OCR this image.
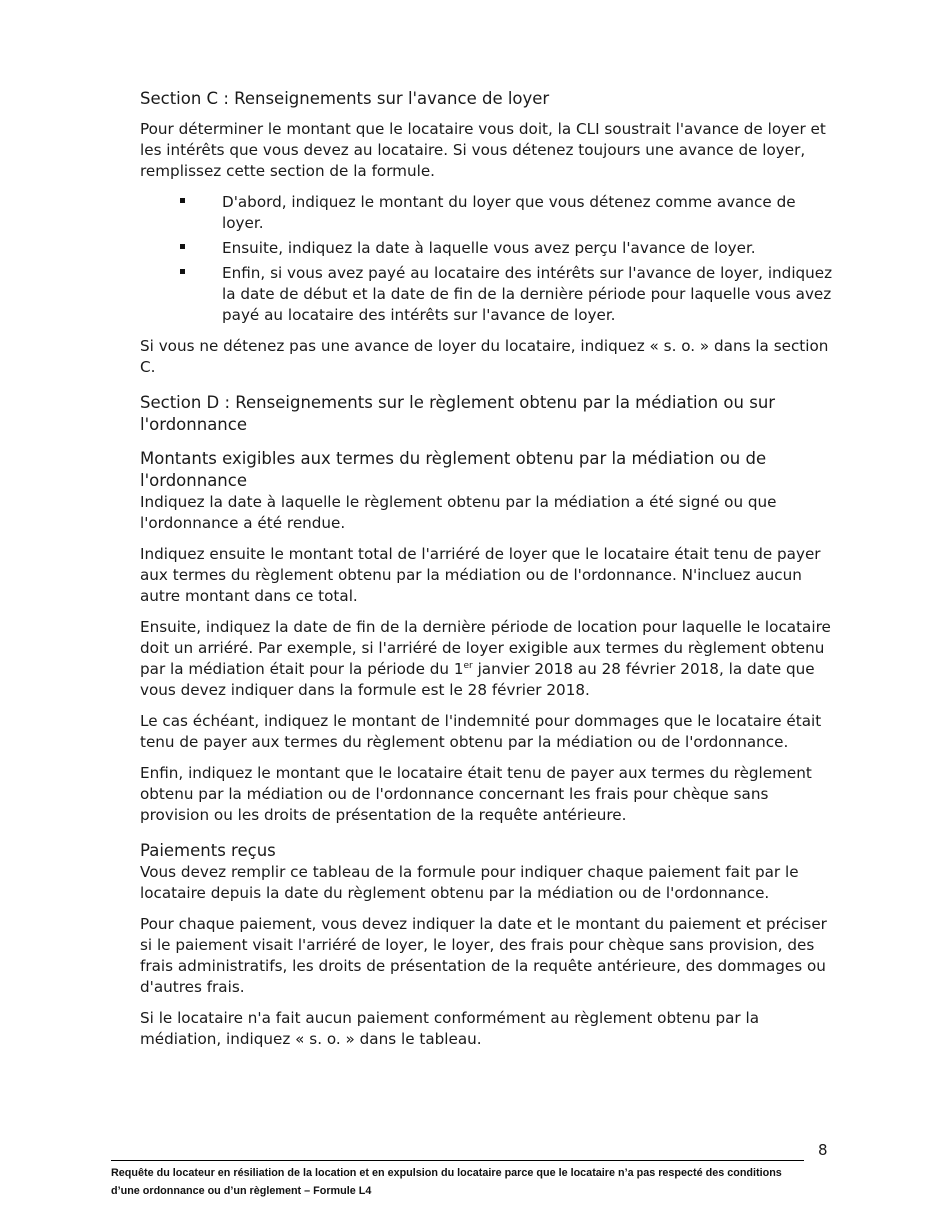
Section C : Renseignements sur l'avance de loyer

Pour déterminer le montant que le locataire vous doit, la CLI soustrait l'avance de loyer et les intérêts que vous devez au locataire. Si vous détenez toujours une avance de loyer, remplissez cette section de la formule.

D'abord, indiquez le montant du loyer que vous détenez comme avance de loyer.
Ensuite, indiquez la date à laquelle vous avez perçu l'avance de loyer.
Enfin, si vous avez payé au locataire des intérêts sur l'avance de loyer, indiquez la date de début et la date de fin de la dernière période pour laquelle vous avez payé au locataire des intérêts sur l'avance de loyer.

Si vous ne détenez pas une avance de loyer du locataire, indiquez « s. o. » dans la section C.

Section D : Renseignements sur le règlement obtenu par la médiation ou sur l'ordonnance
Montants exigibles aux termes du règlement obtenu par la médiation ou de l'ordonnance

Indiquez la date à laquelle le règlement obtenu par la médiation a été signé ou que l'ordonnance a été rendue.

Indiquez ensuite le montant total de l'arriéré de loyer que le locataire était tenu de payer aux termes du règlement obtenu par la médiation ou de l'ordonnance. N'incluez aucun autre montant dans ce total.

Ensuite, indiquez la date de fin de la dernière période de location pour laquelle le locataire doit un arriéré. Par exemple, si l'arriéré de loyer exigible aux termes du règlement obtenu par la médiation était pour la période du 1er janvier 2018 au 28 février 2018, la date que vous devez indiquer dans la formule est le 28 février 2018.

Le cas échéant, indiquez le montant de l'indemnité pour dommages que le locataire était tenu de payer aux termes du règlement obtenu par la médiation ou de l'ordonnance.

Enfin, indiquez le montant que le locataire était tenu de payer aux termes du règlement obtenu par la médiation ou de l'ordonnance concernant les frais pour chèque sans provision ou les droits de présentation de la requête antérieure.

Paiements reçus

Vous devez remplir ce tableau de la formule pour indiquer chaque paiement fait par le locataire depuis la date du règlement obtenu par la médiation ou de l'ordonnance.

Pour chaque paiement, vous devez indiquer la date et le montant du paiement et préciser si le paiement visait l'arriéré de loyer, le loyer, des frais pour chèque sans provision, des frais administratifs, les droits de présentation de la requête antérieure, des dommages ou d'autres frais.

Si le locataire n'a fait aucun paiement conformément au règlement obtenu par la médiation, indiquez « s. o. » dans le tableau.

8
Requête du locateur en résiliation de la location et en expulsion du locataire parce que le locataire n’a pas respecté des conditions d’une ordonnance ou d’un règlement – Formule L4
